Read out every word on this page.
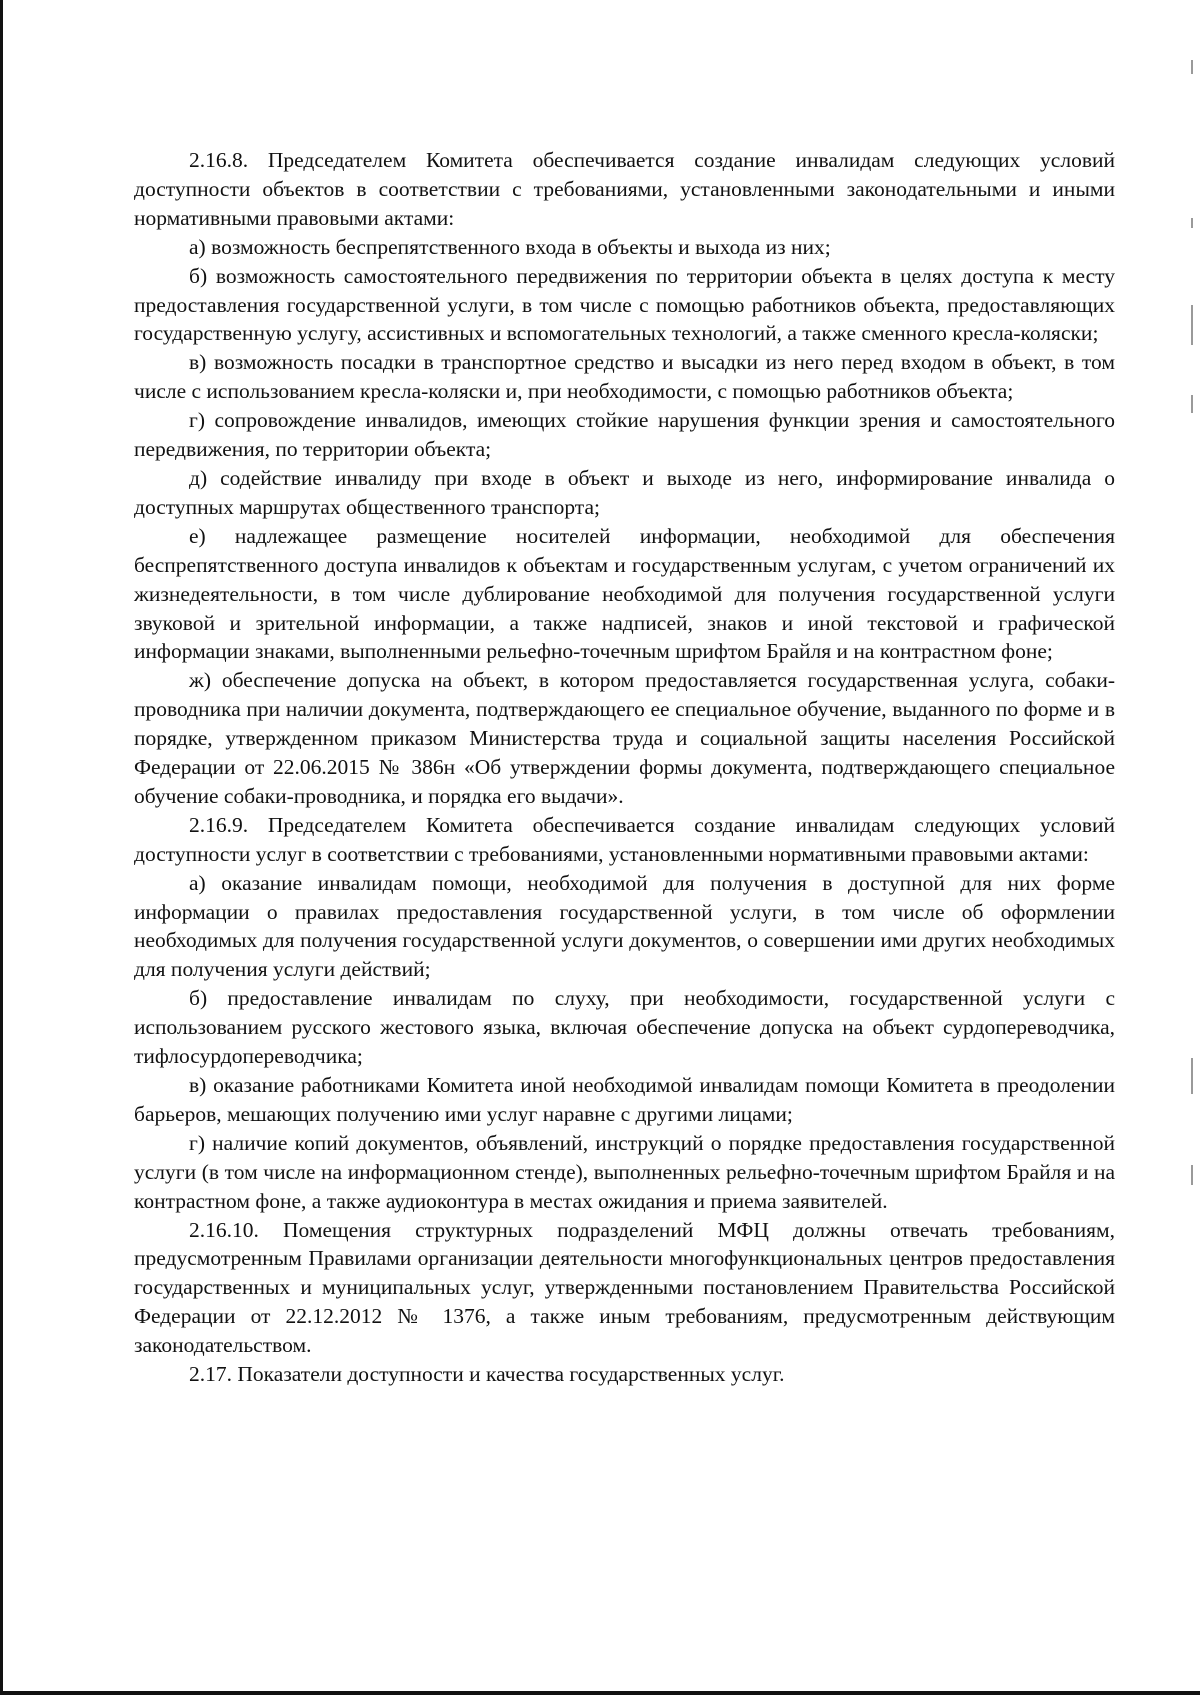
2.16.8. Председателем Комитета обеспечивается создание инвалидам следующих условий доступности объектов в соответствии с требованиями, установленными законодательными и иными нормативными правовыми актами:

а) возможность беспрепятственного входа в объекты и выхода из них;

б) возможность самостоятельного передвижения по территории объекта в целях доступа к месту предоставления государственной услуги, в том числе с помощью работников объекта, предоставляющих государственную услугу, ассистивных и вспомогательных технологий, а также сменного кресла-коляски;

в) возможность посадки в транспортное средство и высадки из него перед входом в объект, в том числе с использованием кресла-коляски и, при необходимости, с помощью работников объекта;

г) сопровождение инвалидов, имеющих стойкие нарушения функции зрения и самостоятельного передвижения, по территории объекта;

д) содействие инвалиду при входе в объект и выходе из него, информирование инвалида о доступных маршрутах общественного транспорта;

е) надлежащее размещение носителей информации, необходимой для обеспечения беспрепятственного доступа инвалидов к объектам и государственным услугам, с учетом ограничений их жизнедеятельности, в том числе дублирование необходимой для получения государственной услуги звуковой и зрительной информации, а также надписей, знаков и иной текстовой и графической информации знаками, выполненными рельефно-точечным шрифтом Брайля и на контрастном фоне;

ж) обеспечение допуска на объект, в котором предоставляется государственная услуга, собаки-проводника при наличии документа, подтверждающего ее специальное обучение, выданного по форме и в порядке, утвержденном приказом Министерства труда и социальной защиты населения Российской Федерации от 22.06.2015 № 386н «Об утверждении формы документа, подтверждающего специальное обучение собаки-проводника, и порядка его выдачи».

2.16.9. Председателем Комитета обеспечивается создание инвалидам следующих условий доступности услуг в соответствии с требованиями, установленными нормативными правовыми актами:

а) оказание инвалидам помощи, необходимой для получения в доступной для них форме информации о правилах предоставления государственной услуги, в том числе об оформлении необходимых для получения государственной услуги документов, о совершении ими других необходимых для получения услуги действий;

б) предоставление инвалидам по слуху, при необходимости, государственной услуги с использованием русского жестового языка, включая обеспечение допуска на объект сурдопереводчика, тифлосурдопереводчика;

в) оказание работниками Комитета иной необходимой инвалидам помощи Комитета в преодолении барьеров, мешающих получению ими услуг наравне с другими лицами;

г) наличие копий документов, объявлений, инструкций о порядке предоставления государственной услуги (в том числе на информационном стенде), выполненных рельефно-точечным шрифтом Брайля и на контрастном фоне, а также аудиоконтура в местах ожидания и приема заявителей.

2.16.10. Помещения структурных подразделений МФЦ должны отвечать требованиям, предусмотренным Правилами организации деятельности многофункциональных центров предоставления государственных и муниципальных услуг, утвержденными постановлением Правительства Российской Федерации от 22.12.2012 № 1376, а также иным требованиям, предусмотренным действующим законодательством.

2.17. Показатели доступности и качества государственных услуг.
